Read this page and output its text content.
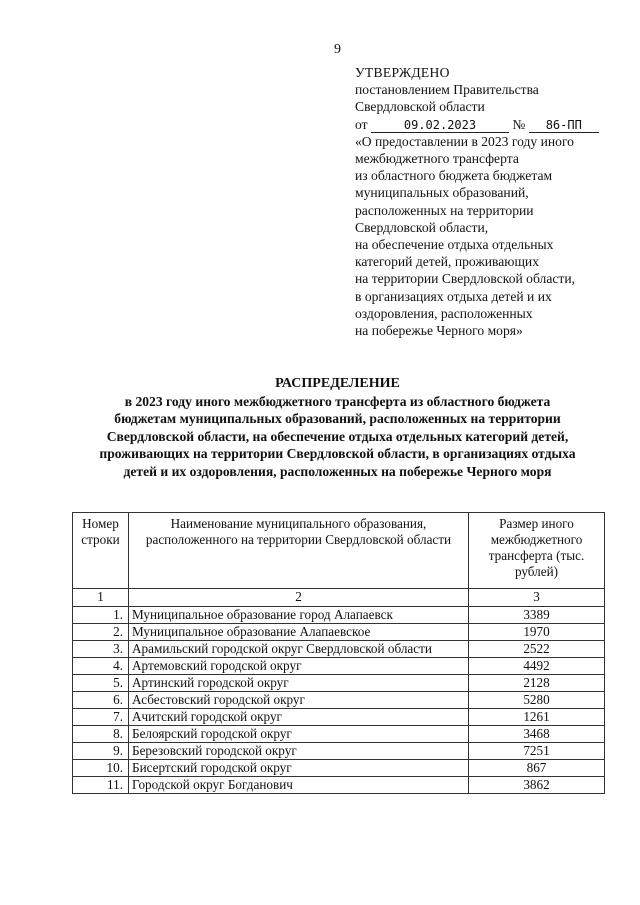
9
УТВЕРЖДЕНО
постановлением Правительства
Свердловской области
от	09.02.2023	№ 86-ПП
«О предоставлении в 2023 году иного
межбюджетного трансферта
из областного бюджета бюджетам
муниципальных образований,
расположенных на территории
Свердловской области,
на обеспечение отдыха отдельных
категорий детей, проживающих
на территории Свердловской области,
в организациях отдыха детей и их
оздоровления, расположенных
на побережье Черного моря»
РАСПРЕДЕЛЕНИЕ
в 2023 году иного межбюджетного трансферта из областного бюджета
бюджетам муниципальных образований, расположенных на территории
Свердловской области, на обеспечение отдыха отдельных категорий детей,
проживающих на территории Свердловской области, в организациях отдыха
детей и их оздоровления, расположенных на побережье Черного моря
Номер строки	Наименование муниципального образования, расположенного на территории Свердловской области	Размер иного межбюджетного трансферта (тыс. рублей)
1	2	3
1.	Муниципальное образование город Алапаевск	3389
2.	Муниципальное образование Алапаевское	1970
3.	Арамильский городской округ Свердловской области	2522
4.	Артемовский городской округ	4492
5.	Артинский городской округ	2128
6.	Асбестовский городской округ	5280
7.	Ачитский городской округ	1261
8.	Белоярский городской округ	3468
9.	Березовский городской округ	7251
10.	Бисертский городской округ	867
11.	Городской округ Богданович	3862
